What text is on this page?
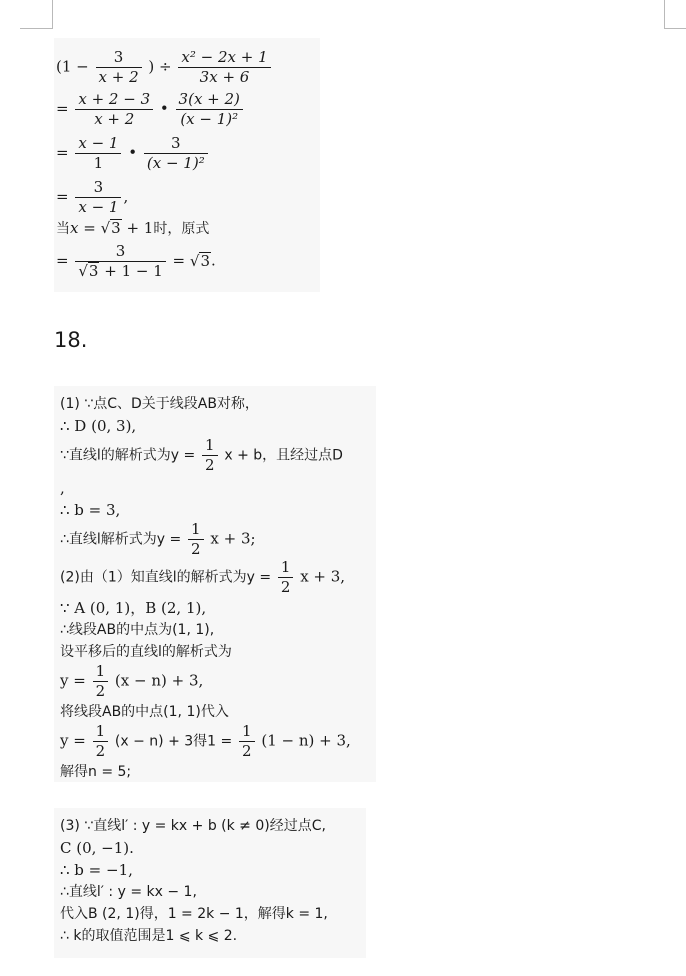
($1 - \frac{3}{x + 2}$ ) ÷ $\frac{\text{x² − 2x + 1}}{3x + 6}$
= $\frac{x + 2 - 3}{x + 2}$ • $\frac{3(x + 2)}{\text{(x − 1)²}}$
= $\frac{x - 1}{1}$ • $\frac{3}{\text{(x − 1)²}}$
= $\frac{3}{x - 1}$ ,
当x = √3 + 1时，原式
= $\frac{3}{√3 + 1 - 1} = √3$.
18.
(1) ∵点C、D关于线段AB对称，
∴ D (0, 3),
∵直线l的解析式为$y = \frac{1}{2}$ x + b，且经过点D
,
∴ b = 3,
∴直线l解析式为$y = \frac{1}{2}$ x + 3;
(2)由（1）知直线l的解析式为$y = \frac{1}{2}$ x + 3,
∵ A (0, 1)，B (2, 1),
∴线段AB的中点为(1, 1),
设平移后的直线l的解析式为
$y = \frac{1}{2} (x - n) + 3$,
将线段AB的中点(1, 1)代入
$y = \frac{1}{2} (x - n) + 3$得$1 = \frac{1}{2} (1 - n) + 3$,
解得n = 5;
(3) ∵直线l′ : y = kx + b (k ≠ 0)经过点C,
C (0, −1).
∴ b = −1,
∴直线l′ : y = kx − 1,
代入B (2, 1)得，1 = 2k − 1，解得k = 1,
∴ k的取值范围是1 ⩽ k ⩽ 2.
